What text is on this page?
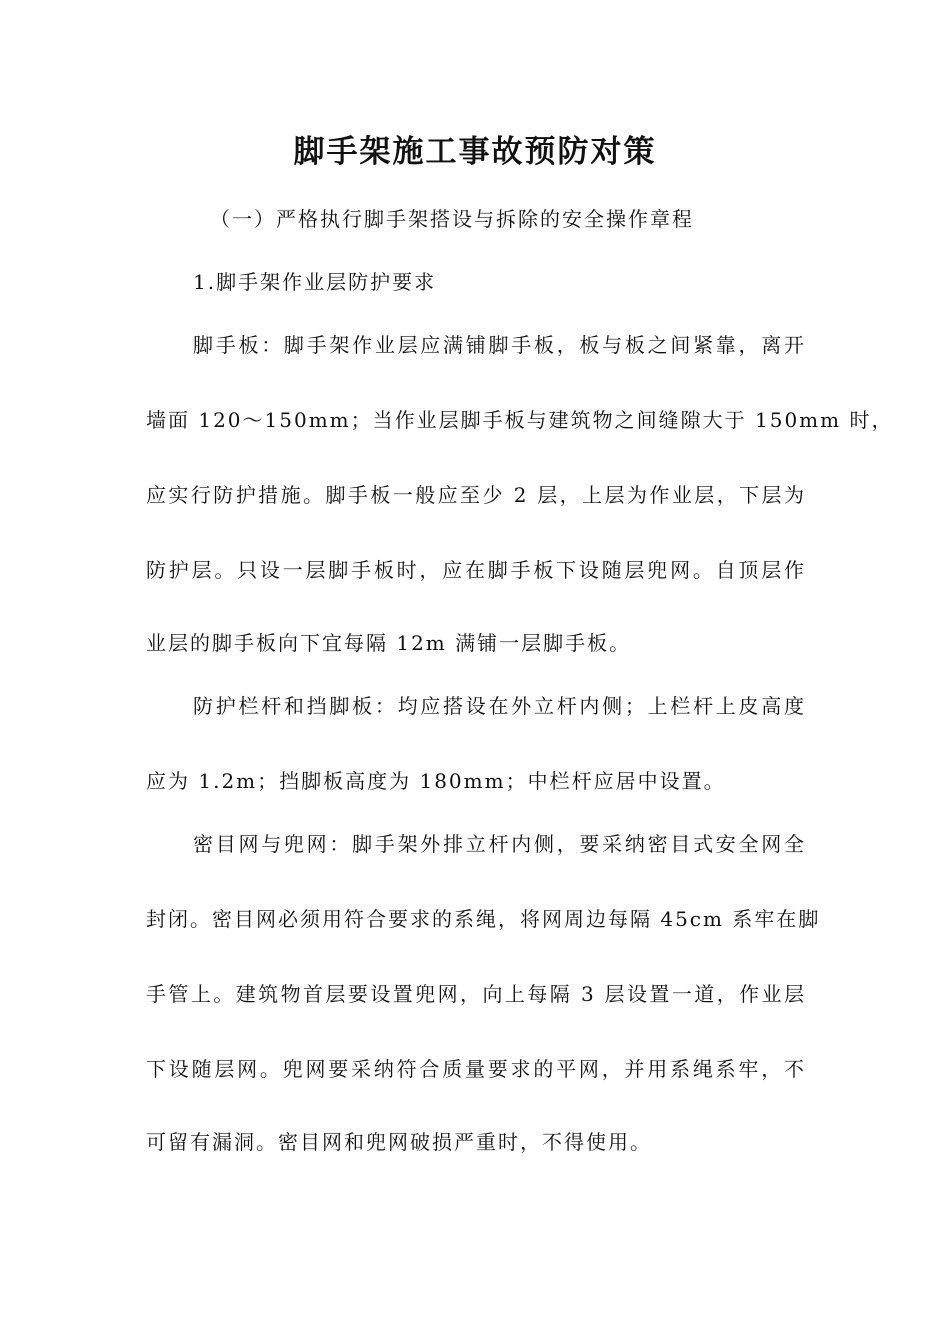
脚手架施工事故预防对策
（一）严格执行脚手架搭设与拆除的安全操作章程
1.脚手架作业层防护要求
脚手板：脚手架作业层应满铺脚手板，板与板之间紧靠，离开
墙面 120～150mm；当作业层脚手板与建筑物之间缝隙大于 150mm 时，
应实行防护措施。脚手板一般应至少 2 层，上层为作业层，下层为
防护层。只设一层脚手板时，应在脚手板下设随层兜网。自顶层作
业层的脚手板向下宜每隔 12m 满铺一层脚手板。
防护栏杆和挡脚板：均应搭设在外立杆内侧；上栏杆上皮高度
应为 1.2m；挡脚板高度为 180mm；中栏杆应居中设置。
密目网与兜网：脚手架外排立杆内侧，要采纳密目式安全网全
封闭。密目网必须用符合要求的系绳，将网周边每隔 45cm 系牢在脚
手管上。建筑物首层要设置兜网，向上每隔 3 层设置一道，作业层
下设随层网。兜网要采纳符合质量要求的平网，并用系绳系牢，不
可留有漏洞。密目网和兜网破损严重时，不得使用。
